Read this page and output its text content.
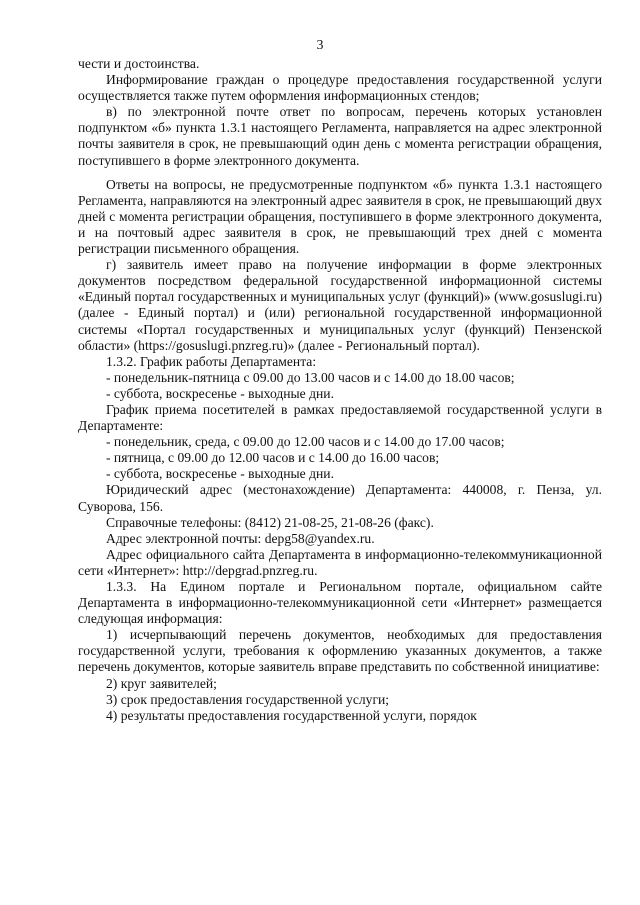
3

чести и достоинства.

Информирование граждан о процедуре предоставления государственной услуги осуществляется также путем оформления информационных стендов;

в) по электронной почте ответ по вопросам, перечень которых установлен подпунктом «б» пункта 1.3.1 настоящего Регламента, направляется на адрес электронной почты заявителя в срок, не превышающий один день с момента регистрации обращения, поступившего в форме электронного документа.

Ответы на вопросы, не предусмотренные подпунктом «б» пункта 1.3.1 настоящего Регламента, направляются на электронный адрес заявителя в срок, не превышающий двух дней с момента регистрации обращения, поступившего в форме электронного документа, и на почтовый адрес заявителя в срок, не превышающий трех дней с момента регистрации письменного обращения.

г) заявитель имеет право на получение информации в форме электронных документов посредством федеральной государственной информационной системы «Единый портал государственных и муниципальных услуг (функций)» (www.gosuslugi.ru) (далее - Единый портал) и (или) региональной государственной информационной системы «Портал государственных и муниципальных услуг (функций) Пензенской области» (https://gosuslugi.pnzreg.ru)» (далее - Региональный портал).

1.3.2. График работы Департамента:

- понедельник-пятница с 09.00 до 13.00 часов и с 14.00 до 18.00 часов;

- суббота, воскресенье - выходные дни.

График приема посетителей в рамках предоставляемой государственной услуги в Департаменте:

- понедельник, среда, с 09.00 до 12.00 часов и с 14.00 до 17.00 часов;

- пятница, с 09.00 до 12.00 часов и с 14.00 до 16.00 часов;

- суббота, воскресенье - выходные дни.

Юридический адрес (местонахождение) Департамента: 440008, г. Пенза, ул. Суворова, 156.

Справочные телефоны: (8412) 21-08-25, 21-08-26 (факс).

Адрес электронной почты: depg58@yandex.ru.

Адрес официального сайта Департамента в информационно-телекоммуникационной сети «Интернет»: http://depgrad.pnzreg.ru.

1.3.3. На Едином портале и Региональном портале, официальном сайте Департамента в информационно-телекоммуникационной сети «Интернет» размещается следующая информация:

1) исчерпывающий перечень документов, необходимых для предоставления государственной услуги, требования к оформлению указанных документов, а также перечень документов, которые заявитель вправе представить по собственной инициативе:

2) круг заявителей;

3) срок предоставления государственной услуги;

4) результаты предоставления государственной услуги, порядок
